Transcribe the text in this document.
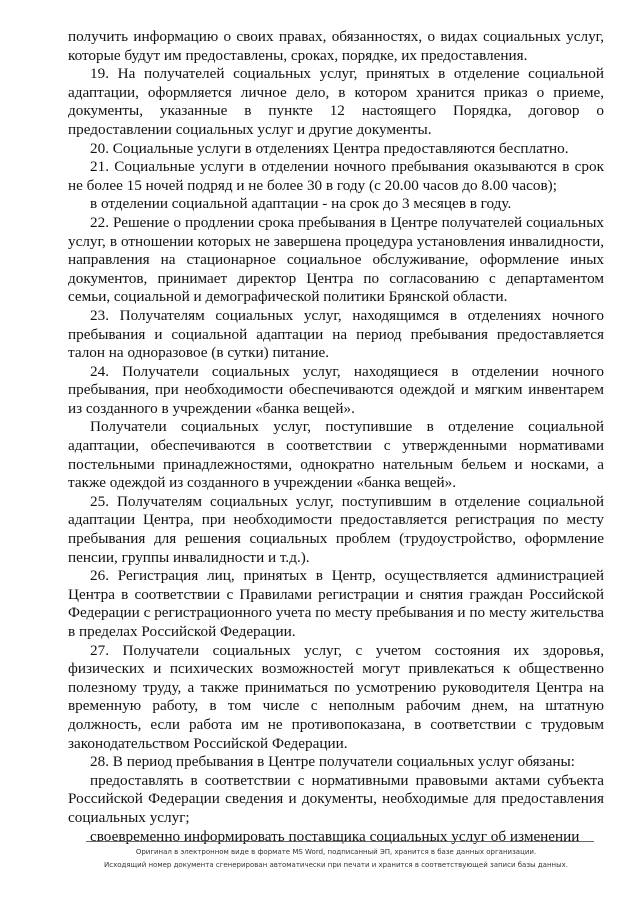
получить информацию о своих правах, обязанностях, о видах социальных услуг, которые будут им предоставлены, сроках, порядке, их предоставления.

19. На получателей социальных услуг, принятых в отделение социальной адаптации, оформляется личное дело, в котором хранится приказ о приеме, документы, указанные в пункте 12 настоящего Порядка, договор о предоставлении социальных услуг и другие документы.

20. Социальные услуги в отделениях Центра предоставляются бесплатно.

21. Социальные услуги в отделении ночного пребывания оказываются в срок не более 15 ночей подряд и не более 30 в году (с 20.00 часов до 8.00 часов);

в отделении социальной адаптации - на срок до 3 месяцев в году.

22. Решение о продлении срока пребывания в Центре получателей социальных услуг, в отношении которых не завершена процедура установления инвалидности, направления на стационарное социальное обслуживание, оформление иных документов, принимает директор Центра по согласованию с департаментом семьи, социальной и демографической политики Брянской области.

23. Получателям социальных услуг, находящимся в отделениях ночного пребывания и социальной адаптации на период пребывания предоставляется талон на одноразовое (в сутки) питание.

24. Получатели социальных услуг, находящиеся в отделении ночного пребывания, при необходимости обеспечиваются одеждой и мягким инвентарем из созданного в учреждении «банка вещей».

Получатели социальных услуг, поступившие в отделение социальной адаптации, обеспечиваются в соответствии с утвержденными нормативами постельными принадлежностями, однократно нательным бельем и носками, а также одеждой из созданного в учреждении «банка вещей».

25. Получателям социальных услуг, поступившим в отделение социальной адаптации Центра, при необходимости предоставляется регистрация по месту пребывания для решения социальных проблем (трудоустройство, оформление пенсии, группы инвалидности и т.д.).

26. Регистрация лиц, принятых в Центр, осуществляется администрацией Центра в соответствии с Правилами регистрации и снятия граждан Российской Федерации с регистрационного учета по месту пребывания и по месту жительства в пределах Российской Федерации.

27. Получатели социальных услуг, с учетом состояния их здоровья, физических и психических возможностей могут привлекаться к общественно полезному труду, а также приниматься по усмотрению руководителя Центра на временную работу, в том числе с неполным рабочим днем, на штатную должность, если работа им не противопоказана, в соответствии с трудовым законодательством Российской Федерации.

28. В период пребывания в Центре получатели социальных услуг обязаны:

предоставлять в соответствии с нормативными правовыми актами субъекта Российской Федерации сведения и документы, необходимые для предоставления социальных услуг;

своевременно информировать поставщика социальных услуг об изменении

Оригинал в электронном виде в формате MS Word, подписанный ЭП, хранится в базе данных организации.
Исходящий номер документа сгенерирован автоматически при печати и хранится в соответствующей записи базы данных.
